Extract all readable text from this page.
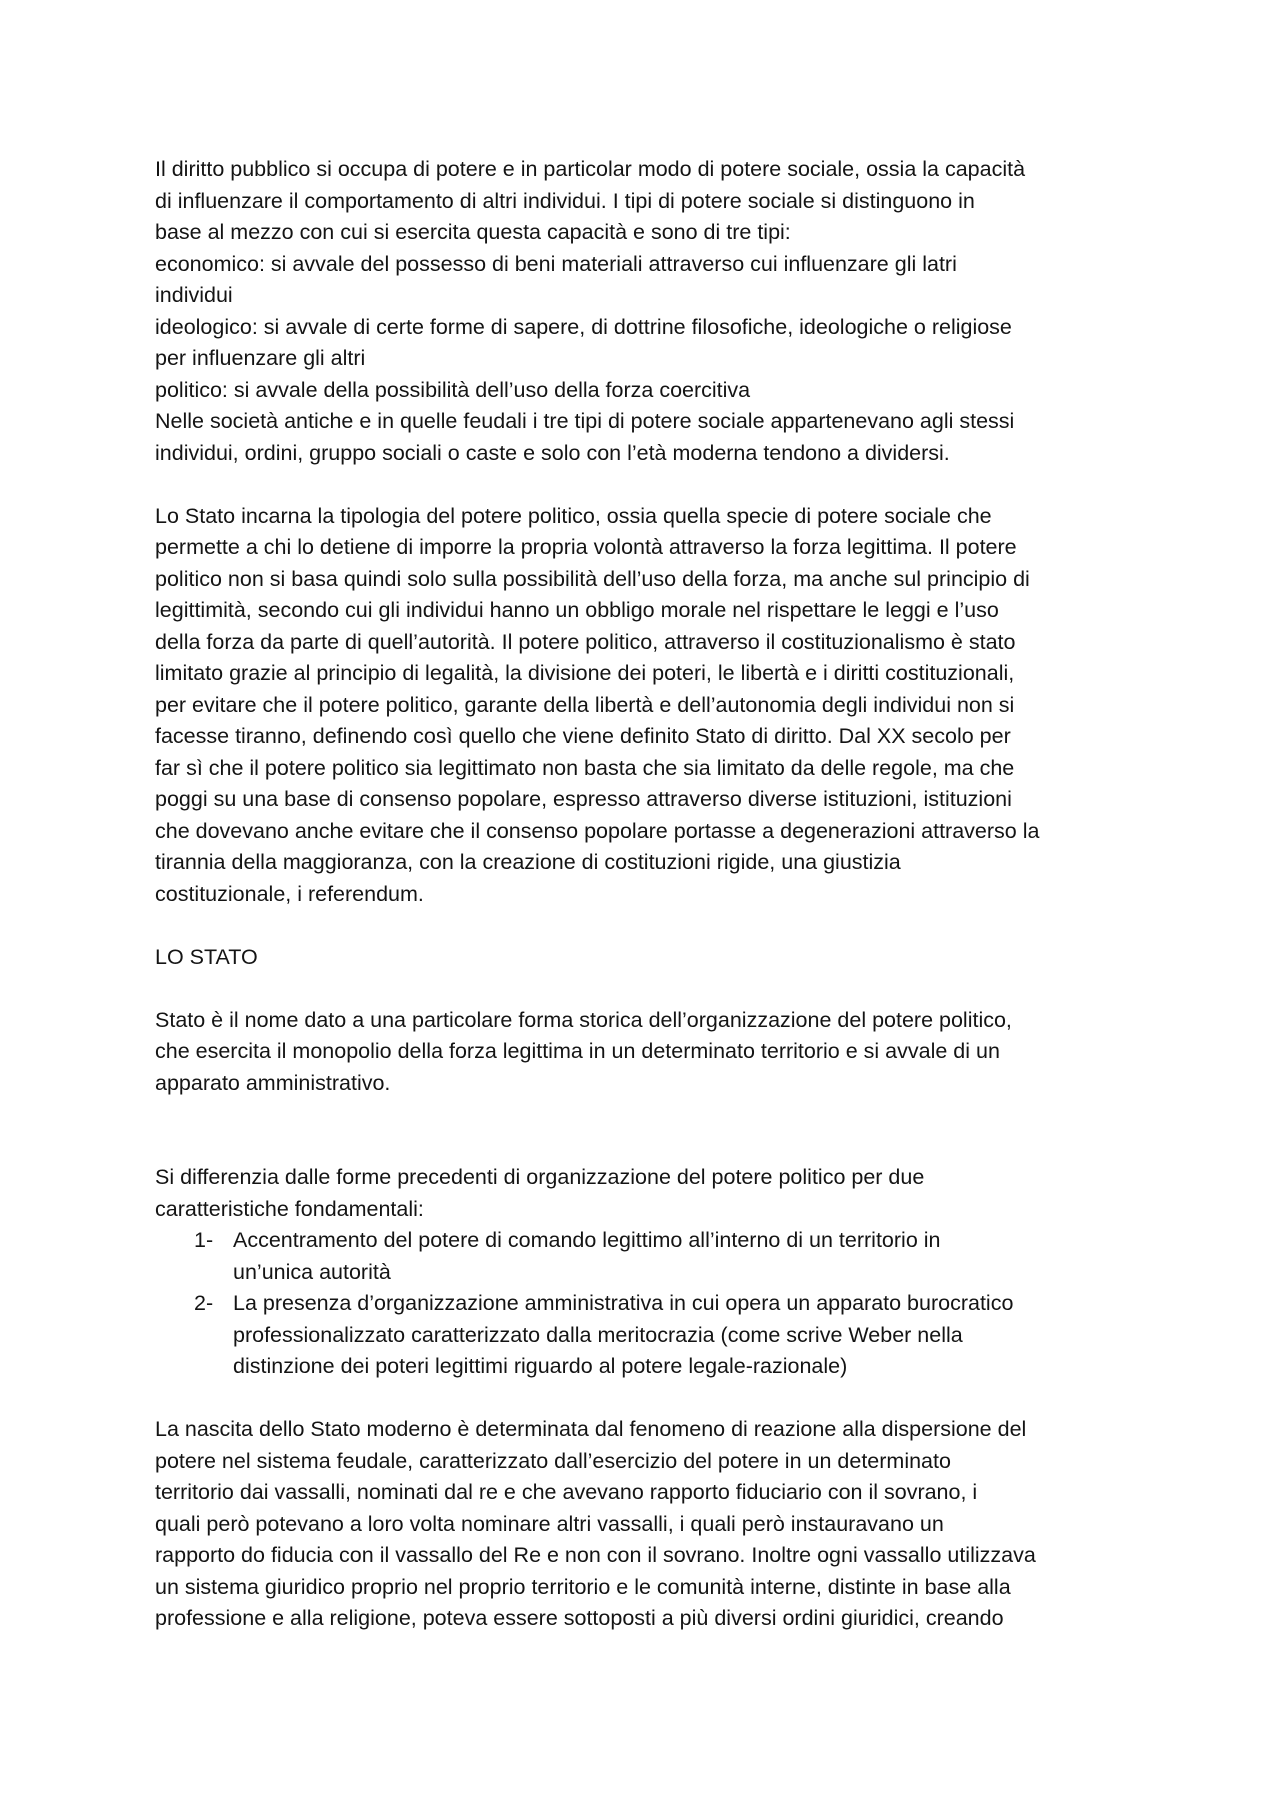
Il diritto pubblico si occupa di potere e in particolar modo di potere sociale, ossia la capacità
di influenzare il comportamento di altri individui. I tipi di potere sociale si distinguono in
base al mezzo con cui si esercita questa capacità e sono di tre tipi:
economico: si avvale del possesso di beni materiali attraverso cui influenzare gli latri
individui
ideologico: si avvale di certe forme di sapere, di dottrine filosofiche, ideologiche o religiose
per influenzare gli altri
politico: si avvale della possibilità dell’uso della forza coercitiva
Nelle società antiche e in quelle feudali i tre tipi di potere sociale appartenevano agli stessi
individui, ordini, gruppo sociali o caste e solo con l’età moderna tendono a dividersi.
Lo Stato incarna la tipologia del potere politico, ossia quella specie di potere sociale che
permette a chi lo detiene di imporre la propria volontà attraverso la forza legittima. Il potere
politico non si basa quindi solo sulla possibilità dell’uso della forza, ma anche sul principio di
legittimità, secondo cui gli individui hanno un obbligo morale nel rispettare le leggi e l’uso
della forza da parte di quell’autorità. Il potere politico, attraverso il costituzionalismo è stato
limitato grazie al principio di legalità, la divisione dei poteri, le libertà e i diritti costituzionali,
per evitare che il potere politico, garante della libertà e dell’autonomia degli individui non si
facesse tiranno, definendo così quello che viene definito Stato di diritto. Dal XX secolo per
far sì che il potere politico sia legittimato non basta che sia limitato da delle regole, ma che
poggi su una base di consenso popolare, espresso attraverso diverse istituzioni, istituzioni
che dovevano anche evitare che il consenso popolare portasse a degenerazioni attraverso la
tirannia della maggioranza, con la creazione di costituzioni rigide, una giustizia
costituzionale, i referendum.
LO STATO
Stato è il nome dato a una particolare forma storica dell’organizzazione del potere politico,
che esercita il monopolio della forza legittima in un determinato territorio e si avvale di un
apparato amministrativo.
Si differenzia dalle forme precedenti di organizzazione del potere politico per due
caratteristiche fondamentali:
1- Accentramento del potere di comando legittimo all’interno di un territorio in
un’unica autorità
2- La presenza d’organizzazione amministrativa in cui opera un apparato burocratico
professionalizzato caratterizzato dalla meritocrazia (come scrive Weber nella
distinzione dei poteri legittimi riguardo al potere legale-razionale)
La nascita dello Stato moderno è determinata dal fenomeno di reazione alla dispersione del
potere nel sistema feudale, caratterizzato dall’esercizio del potere in un determinato
territorio dai vassalli, nominati dal re e che avevano rapporto fiduciario con il sovrano, i
quali però potevano a loro volta nominare altri vassalli, i quali però instauravano un
rapporto do fiducia con il vassallo del Re e non con il sovrano. Inoltre ogni vassallo utilizzava
un sistema giuridico proprio nel proprio territorio e le comunità interne, distinte in base alla
professione e alla religione, poteva essere sottoposti a più diversi ordini giuridici, creando
